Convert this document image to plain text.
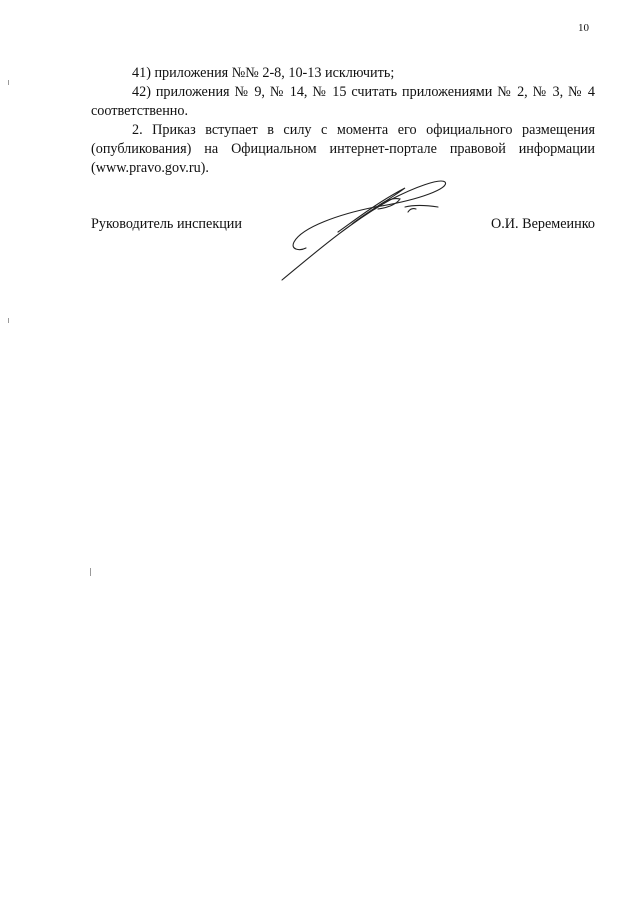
10

41) приложения №№ 2-8, 10-13 исключить;

42) приложения № 9, № 14, № 15 считать приложениями № 2, № 3, № 4 соответственно.

2. Приказ вступает в силу с момента его официального размещения (опубликования) на Официальном интернет-портале правовой информации (www.pravo.gov.ru).

Руководитель инспекции	О.И. Веремеинко
